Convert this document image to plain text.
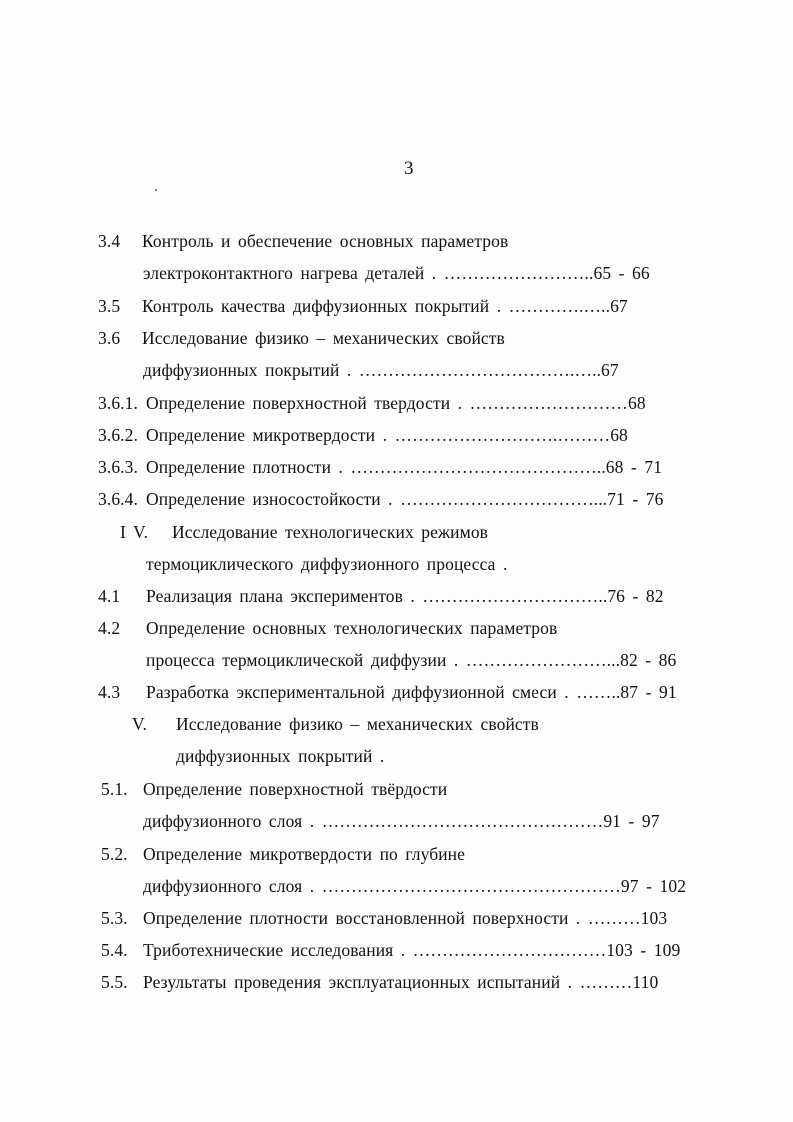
3
3.4 Контроль и обеспечение основных параметров
электроконтактного нагрева деталей . ……………………..65 - 66
3.5 Контроль качества диффузионных покрытий . ………….…..67
3.6 Исследование физико – механических свойств
диффузионных покрытий . ……………………………….…..67
3.6.1. Определение поверхностной твердости . ………………………68
3.6.2. Определение микротвердости . ……………………….………68
3.6.3. Определение плотности . ……………………………………..68 - 71
3.6.4. Определение износостойкости . ……………………………...71 - 76
I V. Исследование технологических режимов
термоциклического диффузионного процесса .
4.1 Реализация плана экспериментов . …………………………..76 - 82
4.2 Определение основных технологических параметров
процесса термоциклической диффузии . ……………………...82 - 86
4.3 Разработка экспериментальной диффузионной смеси . ……..87 - 91
V. Исследование физико – механических свойств
диффузионных покрытий .
5.1. Определение поверхностной твёрдости
диффузионного слоя . …………………………………………91 - 97
5.2. Определение микротвердости по глубине
диффузионного слоя . ……………………………………………97 - 102
5.3. Определение плотности восстановленной поверхности . ………103
5.4. Триботехнические исследования . ……………………………103 - 109
5.5. Результаты проведения эксплуатационных испытаний . ………110
